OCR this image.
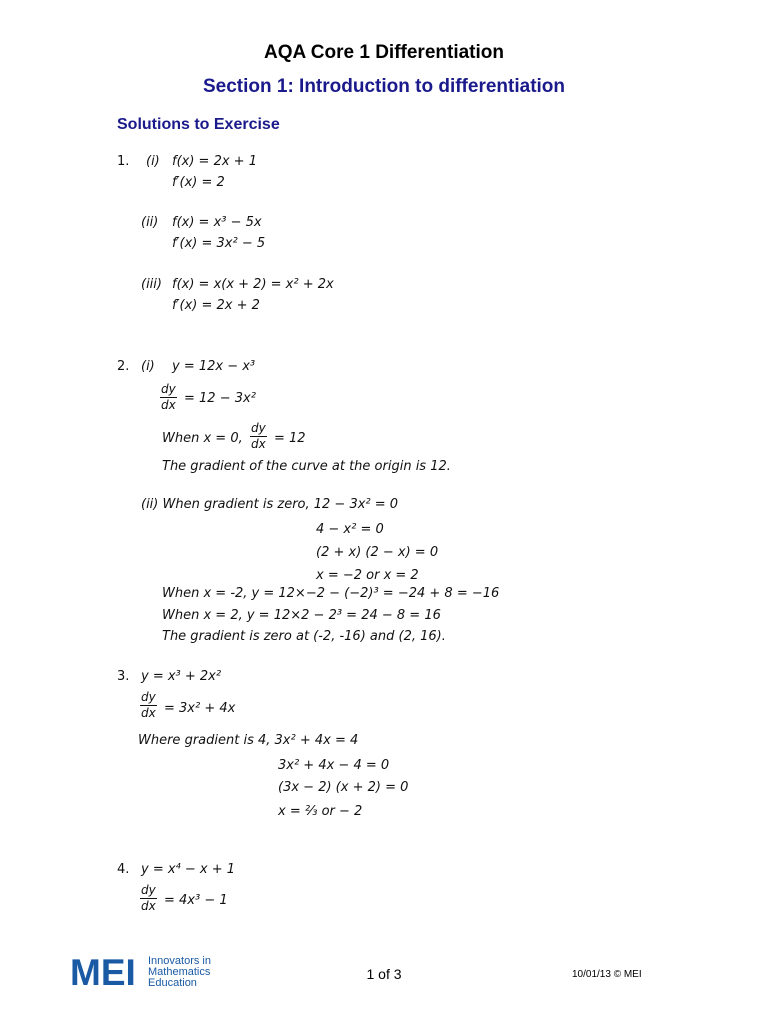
AQA Core 1 Differentiation
Section 1: Introduction to differentiation
Solutions to Exercise
1. (i) f(x) = 2x + 1
f′(x) = 2
(ii) f(x) = x³ − 5x
f′(x) = 3x² − 5
(iii) f(x) = x(x + 2) = x² + 2x
f′(x) = 2x + 2
2. (i) y = 12x − x³
$\frac{dy}{dx} = 12 - 3x^2$
When x = 0, $\frac{dy}{dx} = 12$
The gradient of the curve at the origin is 12.
(ii) When gradient is zero, 12 − 3x² = 0
4 − x² = 0
(2 + x) (2 − x) = 0
x = −2 or x = 2
When x = -2, y = 12×−2 − (−2)³ = −24 + 8 = −16
When x = 2, y = 12×2 − 2³ = 24 − 8 = 16
The gradient is zero at (-2, -16) and (2, 16).
3. y = x³ + 2x²
$\frac{dy}{dx} = 3x^2 + 4x$
Where gradient is 4, 3x² + 4x = 4
3x² + 4x − 4 = 0
(3x − 2) (x + 2) = 0
x = ⅔ or − 2
4. y = x⁴ − x + 1
$\frac{dy}{dx} = 4x^3 - 1$
MEI Innovators in Mathematics Education
1 of 3	10/01/13 © MEI
